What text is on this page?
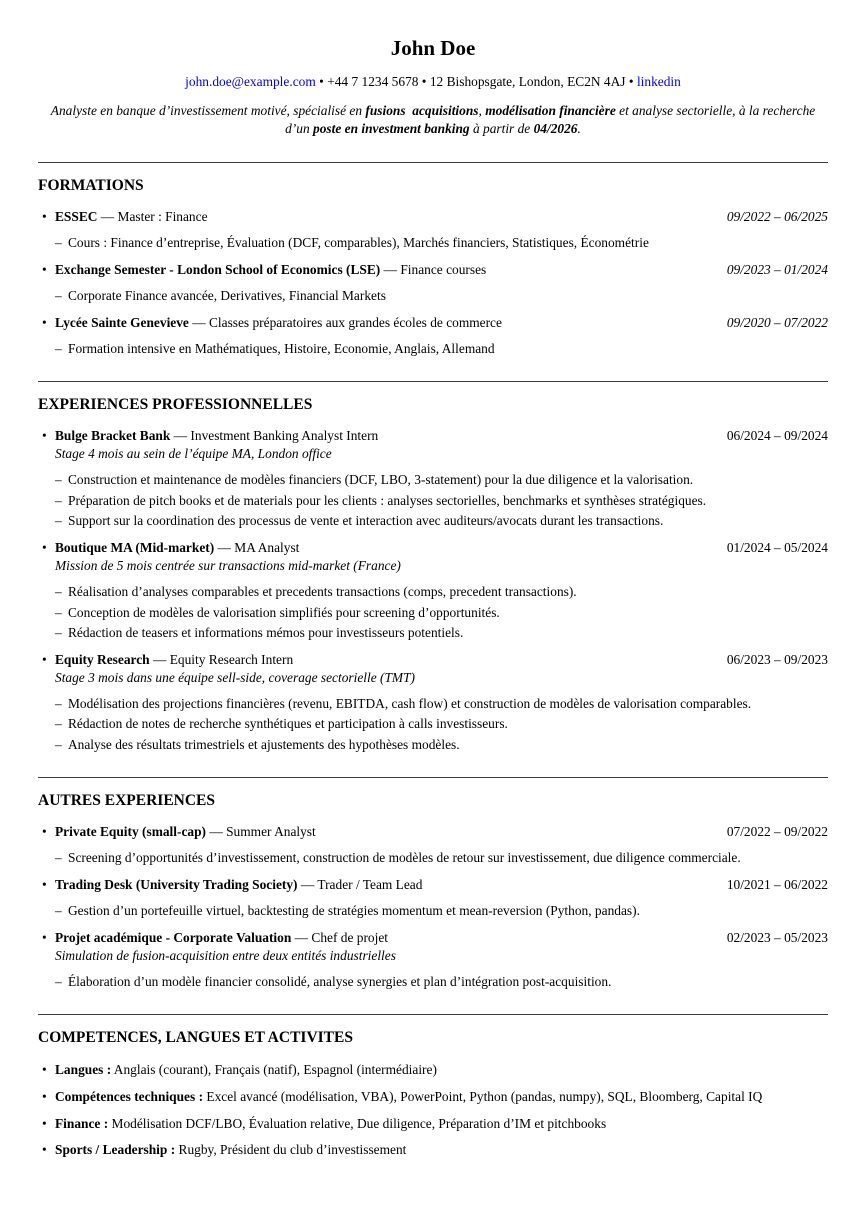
John Doe

john.doe@example.com • +44 7 1234 5678 • 12 Bishopsgate, London, EC2N 4AJ • linkedin

Analyste en banque d’investissement motivé, spécialisé en fusions  acquisitions, modélisation financière et analyse sectorielle, à la recherche d’un poste en investment banking à partir de 04/2026.

FORMATIONS
• ESSEC — Master : Finance	09/2022 – 06/2025
– Cours : Finance d’entreprise, Évaluation (DCF, comparables), Marchés financiers, Statistiques, Économétrie
• Exchange Semester - London School of Economics (LSE) — Finance courses	09/2023 – 01/2024
– Corporate Finance avancée, Derivatives, Financial Markets
• Lycée Sainte Genevieve — Classes préparatoires aux grandes écoles de commerce	09/2020 – 07/2022
– Formation intensive en Mathématiques, Histoire, Economie, Anglais, Allemand
EXPERIENCES PROFESSIONNELLES
• Bulge Bracket Bank — Investment Banking Analyst Intern	06/2024 – 09/2024
Stage 4 mois au sein de l’équipe MA, London office
– Construction et maintenance de modèles financiers (DCF, LBO, 3-statement) pour la due diligence et la valorisation.
– Préparation de pitch books et de materials pour les clients : analyses sectorielles, benchmarks et synthèses stratégiques.
– Support sur la coordination des processus de vente et interaction avec auditeurs/avocats durant les transactions.
• Boutique MA (Mid-market) — MA Analyst	01/2024 – 05/2024
Mission de 5 mois centrée sur transactions mid-market (France)
– Réalisation d’analyses comparables et precedents transactions (comps, precedent transactions).
– Conception de modèles de valorisation simplifiés pour screening d’opportunités.
– Rédaction de teasers et informations mémos pour investisseurs potentiels.
• Equity Research — Equity Research Intern	06/2023 – 09/2023
Stage 3 mois dans une équipe sell-side, coverage sectorielle (TMT)
– Modélisation des projections financières (revenu, EBITDA, cash flow) et construction de modèles de valorisation comparables.
– Rédaction de notes de recherche synthétiques et participation à calls investisseurs.
– Analyse des résultats trimestriels et ajustements des hypothèses modèles.
AUTRES EXPERIENCES
• Private Equity (small-cap) — Summer Analyst	07/2022 – 09/2022
– Screening d’opportunités d’investissement, construction de modèles de retour sur investissement, due diligence commerciale.
• Trading Desk (University Trading Society) — Trader / Team Lead	10/2021 – 06/2022
– Gestion d’un portefeuille virtuel, backtesting de stratégies momentum et mean-reversion (Python, pandas).
• Projet académique - Corporate Valuation — Chef de projet	02/2023 – 05/2023
Simulation de fusion-acquisition entre deux entités industrielles
– Élaboration d’un modèle financier consolidé, analyse synergies et plan d’intégration post-acquisition.
COMPETENCES, LANGUES ET ACTIVITES
• Langues : Anglais (courant), Français (natif), Espagnol (intermédiaire)
• Compétences techniques : Excel avancé (modélisation, VBA), PowerPoint, Python (pandas, numpy), SQL, Bloomberg, Capital IQ
• Finance : Modélisation DCF/LBO, Évaluation relative, Due diligence, Préparation d’IM et pitchbooks
• Sports / Leadership : Rugby, Président du club d’investissement
